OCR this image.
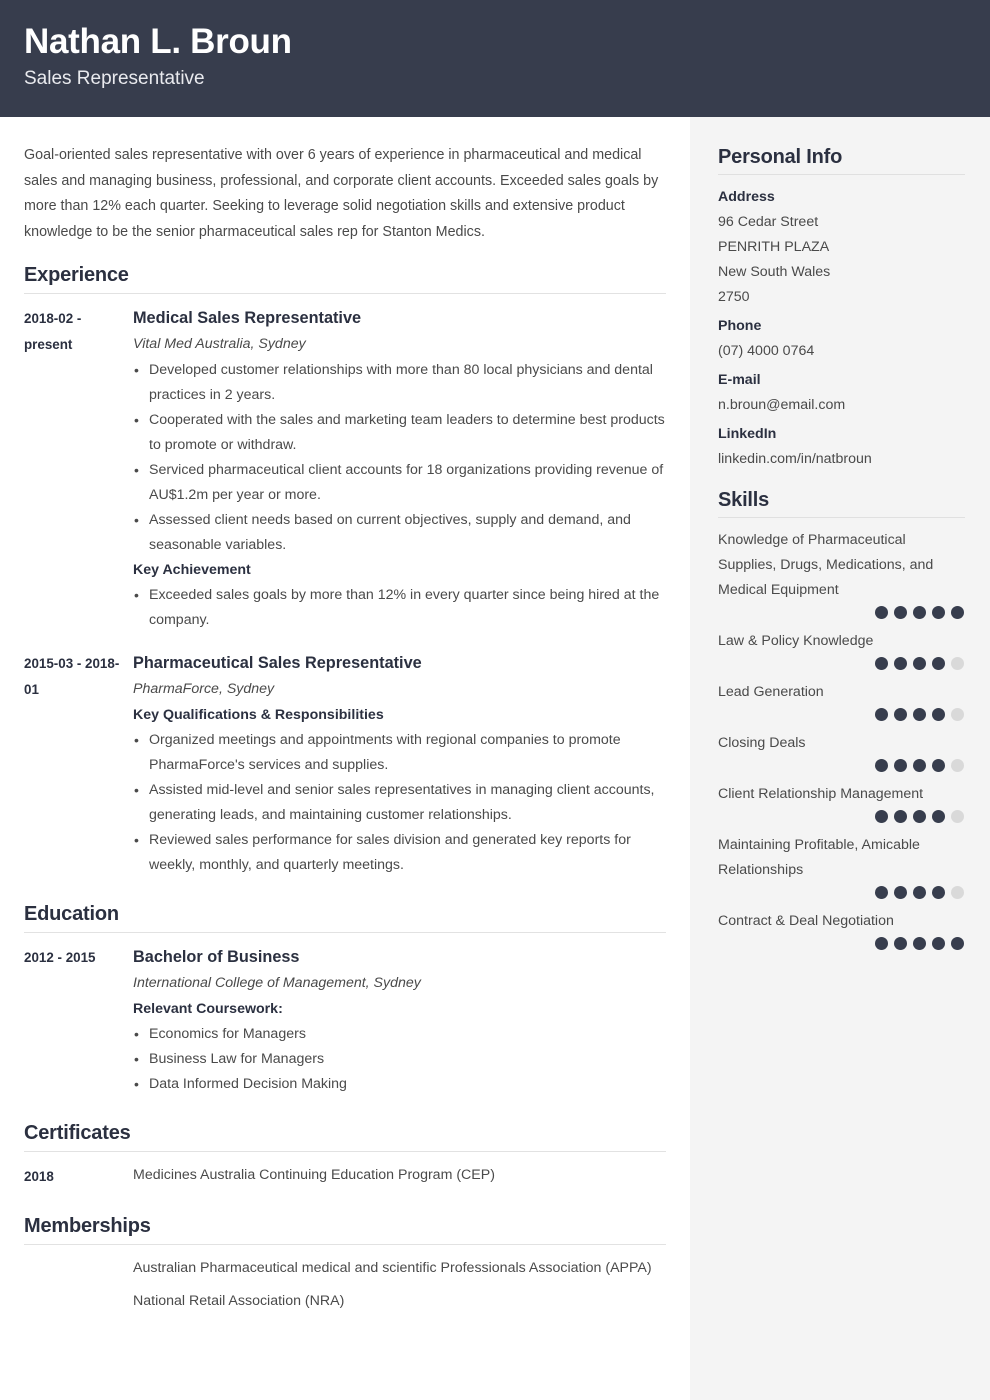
Nathan L. Broun
Sales Representative
Goal-oriented sales representative with over 6 years of experience in pharmaceutical and medical sales and managing business, professional, and corporate client accounts. Exceeded sales goals by more than 12% each quarter. Seeking to leverage solid negotiation skills and extensive product knowledge to be the senior pharmaceutical sales rep for Stanton Medics.
Experience
2018-02 - present
Medical Sales Representative
Vital Med Australia, Sydney
• Developed customer relationships with more than 80 local physicians and dental practices in 2 years.
• Cooperated with the sales and marketing team leaders to determine best products to promote or withdraw.
• Serviced pharmaceutical client accounts for 18 organizations providing revenue of AU$1.2m per year or more.
• Assessed client needs based on current objectives, supply and demand, and seasonable variables.
Key Achievement
• Exceeded sales goals by more than 12% in every quarter since being hired at the company.
2015-03 - 2018-01
Pharmaceutical Sales Representative
PharmaForce, Sydney
Key Qualifications & Responsibilities
• Organized meetings and appointments with regional companies to promote PharmaForce's services and supplies.
• Assisted mid-level and senior sales representatives in managing client accounts, generating leads, and maintaining customer relationships.
• Reviewed sales performance for sales division and generated key reports for weekly, monthly, and quarterly meetings.
Education
2012 - 2015	Bachelor of Business
International College of Management, Sydney
Relevant Coursework:
• Economics for Managers
• Business Law for Managers
• Data Informed Decision Making
Certificates
2018	Medicines Australia Continuing Education Program (CEP)
Memberships
Australian Pharmaceutical medical and scientific Professionals Association (APPA)
National Retail Association (NRA)
Personal Info
Address
96 Cedar Street
PENRITH PLAZA
New South Wales
2750
Phone
(07) 4000 0764
E-mail
n.broun@email.com
LinkedIn
linkedin.com/in/natbroun
Skills
Knowledge of Pharmaceutical Supplies, Drugs, Medications, and Medical Equipment
Law & Policy Knowledge
Lead Generation
Closing Deals
Client Relationship Management
Maintaining Profitable, Amicable Relationships
Contract & Deal Negotiation
